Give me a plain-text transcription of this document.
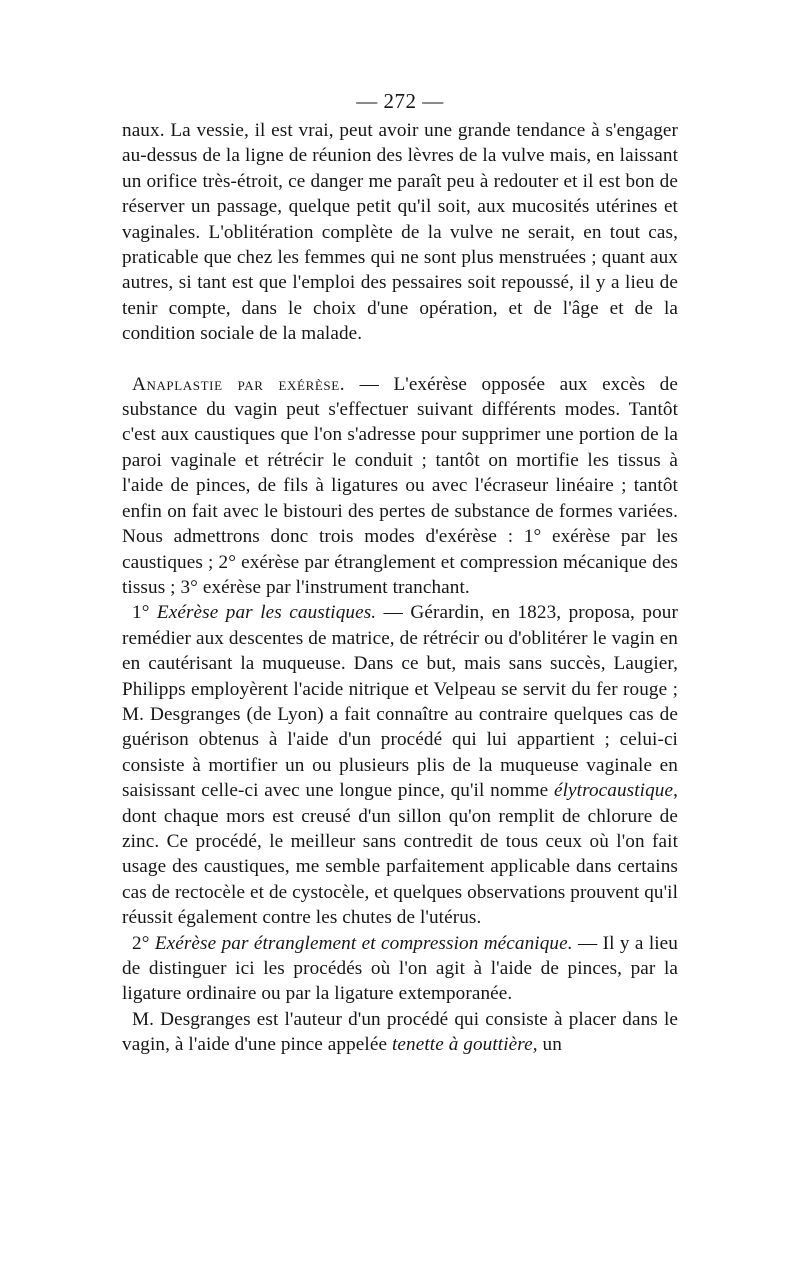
— 272 —

naux. La vessie, il est vrai, peut avoir une grande tendance à s'engager au-dessus de la ligne de réunion des lèvres de la vulve mais, en laissant un orifice très-étroit, ce danger me paraît peu à redouter et il est bon de réserver un passage, quelque petit qu'il soit, aux mucosités utérines et vaginales. L'oblitération complète de la vulve ne serait, en tout cas, praticable que chez les femmes qui ne sont plus menstruées ; quant aux autres, si tant est que l'emploi des pessaires soit repoussé, il y a lieu de tenir compte, dans le choix d'une opération, et de l'âge et de la condition sociale de la malade.

Anaplastie par exérèse. — L'exérèse opposée aux excès de substance du vagin peut s'effectuer suivant différents modes. Tantôt c'est aux caustiques que l'on s'adresse pour supprimer une portion de la paroi vaginale et rétrécir le conduit ; tantôt on mortifie les tissus à l'aide de pinces, de fils à ligatures ou avec l'écraseur linéaire ; tantôt enfin on fait avec le bistouri des pertes de substance de formes variées. Nous admettrons donc trois modes d'exérèse : 1° exérèse par les caustiques ; 2° exérèse par étranglement et compression mécanique des tissus ; 3° exérèse par l'instrument tranchant.

1° Exérèse par les caustiques. — Gérardin, en 1823, proposa, pour remédier aux descentes de matrice, de rétrécir ou d'oblitérer le vagin en en cautérisant la muqueuse. Dans ce but, mais sans succès, Laugier, Philipps employèrent l'acide nitrique et Velpeau se servit du fer rouge ; M. Desgranges (de Lyon) a fait connaître au contraire quelques cas de guérison obtenus à l'aide d'un procédé qui lui appartient ; celui-ci consiste à mortifier un ou plusieurs plis de la muqueuse vaginale en saisissant celle-ci avec une longue pince, qu'il nomme élytrocaustique, dont chaque mors est creusé d'un sillon qu'on remplit de chlorure de zinc. Ce procédé, le meilleur sans contredit de tous ceux où l'on fait usage des caustiques, me semble parfaitement applicable dans certains cas de rectocèle et de cystocèle, et quelques observations prouvent qu'il réussit également contre les chutes de l'utérus.

2° Exérèse par étranglement et compression mécanique. — Il y a lieu de distinguer ici les procédés où l'on agit à l'aide de pinces, par la ligature ordinaire ou par la ligature extemporanée.

M. Desgranges est l'auteur d'un procédé qui consiste à placer dans le vagin, à l'aide d'une pince appelée tenette à gouttière, un
